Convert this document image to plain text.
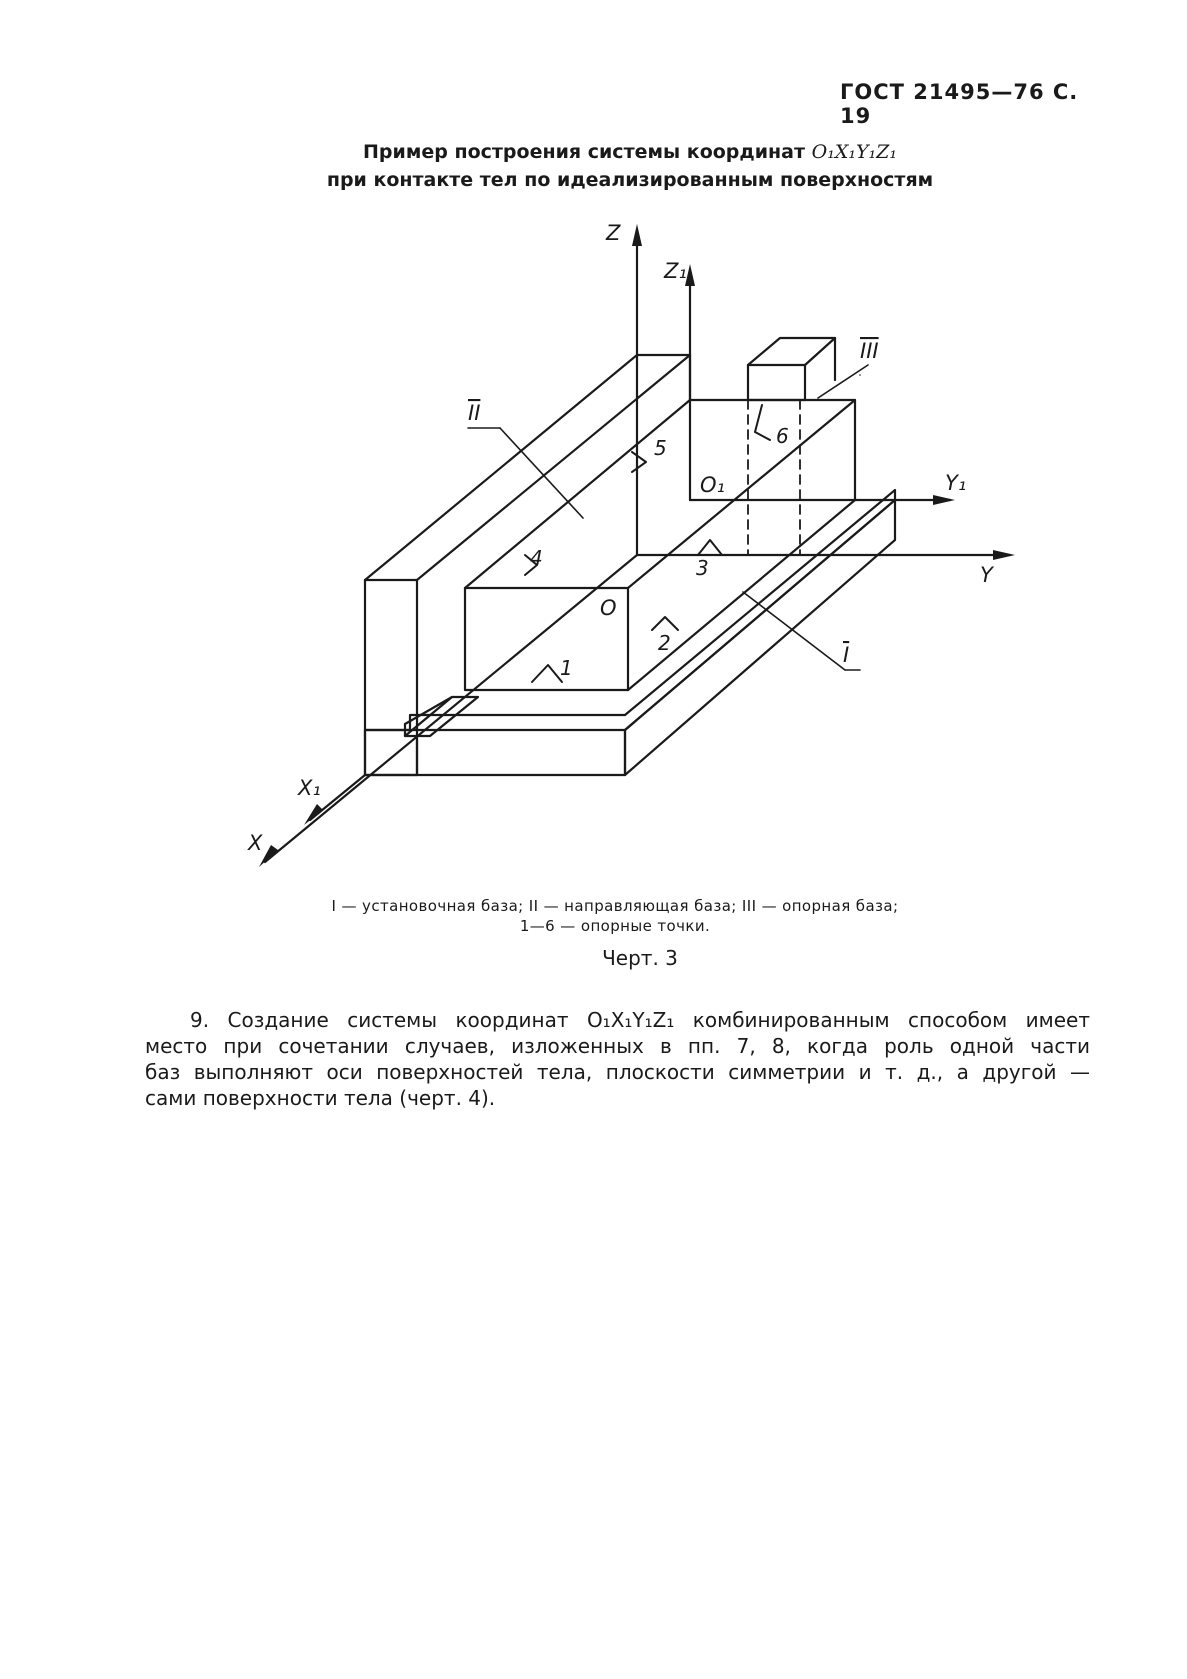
ГОСТ 21495—76 С. 19
Пример построения системы координат O₁X₁Y₁Z₁
при контакте тел по идеализированным поверхностям
Z
Z₁
Y
Y₁
X
X₁
O
O₁
II
III
I
1
2
3
4
5	6
I — установочная база; II — направляющая база; III — опорная база;
1—6 — опорные точки.
Черт. 3
9. Создание системы координат O₁X₁Y₁Z₁ комбинированным способом имеет
место при сочетании случаев, изложенных в пп. 7, 8, когда роль одной части
баз выполняют оси поверхностей тела, плоскости симметрии и т. д., а другой —
сами поверхности тела (черт. 4).
